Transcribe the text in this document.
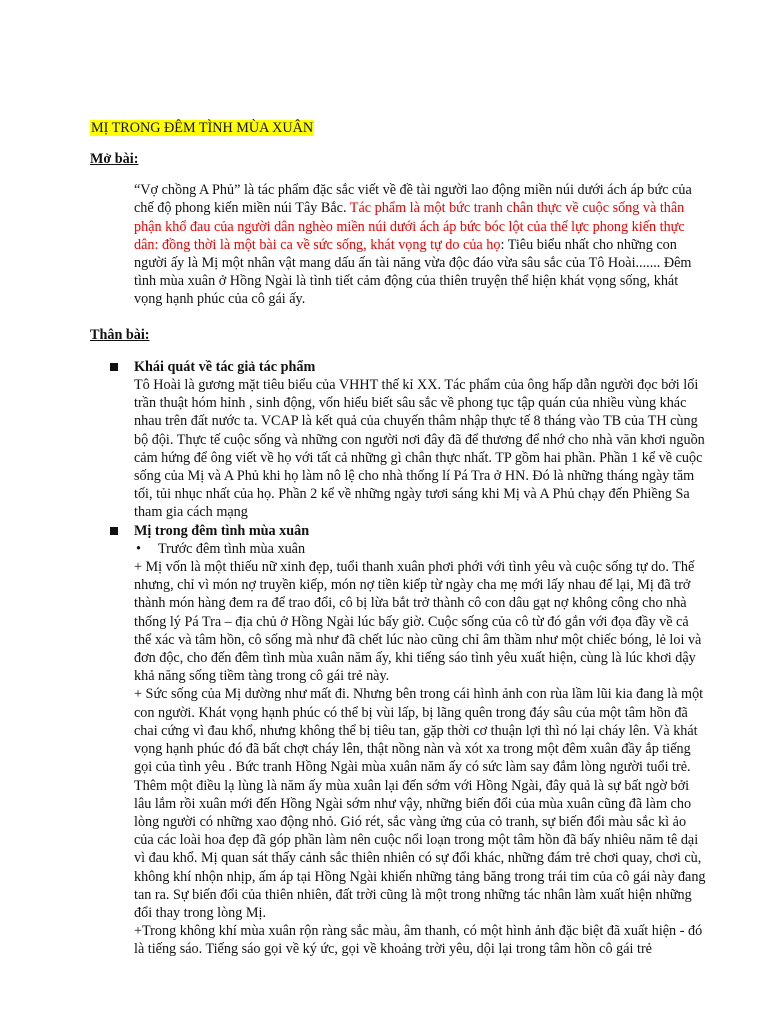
MỊ TRONG ĐÊM TÌNH MÙA XUÂN

Mở bài:

“Vợ chồng A Phủ” là tác phẩm đặc sắc viết về đề tài người lao động miền núi dưới ách áp bức của chế độ phong kiến miền núi Tây Bắc. Tác phẩm là một bức tranh chân thực về cuộc sống và thân phận khổ đau của người dân nghèo miền núi dưới ách áp bức bóc lột của thế lực phong kiến thực dân: đồng thời là một bài ca về sức sống, khát vọng tự do của họ: Tiêu biểu nhất cho những con người ấy là Mị một nhân vật mang dấu ấn tài năng vừa độc đáo vừa sâu sắc của Tô Hoài....... Đêm tình mùa xuân ở Hồng Ngài là tình tiết cảm động của thiên truyện thể hiện khát vọng sống, khát vọng hạnh phúc của cô gái ấy.

Thân bài:

Khái quát về tác giả tác phẩm
Tô Hoài là gương mặt tiêu biểu của VHHT thế kỉ XX. Tác phẩm của ông hấp dẫn người đọc bởi lối trần thuật hóm hỉnh , sinh động, vốn hiểu biết sâu sắc về phong tục tập quán của nhiều vùng khác nhau trên đất nước ta. VCAP là kết quả của chuyến thâm nhập thực tế 8 tháng vào TB của TH cùng bộ đội. Thực tế cuộc sống và những con người nơi đây đã để thương để nhớ cho nhà văn khơi nguồn cảm hứng để ông viết về họ với tất cả những gì chân thực nhất. TP gồm hai phần. Phần 1 kể về cuộc sống của Mị và A Phủ khi họ làm nô lệ cho nhà thống lí Pá Tra ở HN. Đó là những tháng ngày tăm tối, tủi nhục nhất của họ. Phần 2 kể về những ngày tươi sáng khi Mị và A Phủ chạy đến Phiềng Sa tham gia cách mạng
Mị trong đêm tình mùa xuân
• Trước đêm tình mùa xuân
+ Mị vốn là một thiếu nữ xinh đẹp, tuổi thanh xuân phơi phới với tình yêu và cuộc sống tự do. Thế nhưng, chỉ vì món nợ truyền kiếp, món nợ tiền kiếp từ ngày cha mẹ mới lấy nhau để lại, Mị đã trở thành món hàng đem ra để trao đổi, cô bị lừa bắt trở thành cô con dâu gạt nợ không công cho nhà thống lý Pá Tra – địa chủ ở Hồng Ngài lúc bấy giờ. Cuộc sống của cô từ đó gắn với đọa đầy về cả thể xác và tâm hồn, cô sống mà như đã chết lúc nào cũng chỉ âm thầm như một chiếc bóng, lẻ loi và đơn độc, cho đến đêm tình mùa xuân năm ấy, khi tiếng sáo tình yêu xuất hiện, cùng là lúc khơi dậy khả năng sống tiềm tàng trong cô gái trẻ này.
+ Sức sống của Mị dường như mất đi. Nhưng bên trong cái hình ảnh con rùa lầm lũi kia đang là một con người. Khát vọng hạnh phúc có thể bị vùi lấp, bị lãng quên trong đáy sâu của một tâm hồn đã chai cứng vì đau khổ, nhưng không thể bị tiêu tan, gặp thời cơ thuận lợi thì nó lại cháy lên. Và khát vọng hạnh phúc đó đã bất chợt cháy lên, thật nồng nàn và xót xa trong một đêm xuân đầy ắp tiếng gọi của tình yêu . Bức tranh Hồng Ngài mùa xuân năm ấy có sức làm say đắm lòng người tuổi trẻ. Thêm một điều lạ lùng là năm ấy mùa xuân lại đến sớm với Hồng Ngài, đây quả là sự bất ngờ bởi lâu lắm rồi xuân mới đến Hồng Ngài sớm như vậy, những biến đổi của mùa xuân cũng đã làm cho lòng người có những xao động nhỏ. Gió rét, sắc vàng ửng của cỏ tranh, sự biến đổi màu sắc kì ảo của các loài hoa đẹp đã góp phần làm nên cuộc nổi loạn trong một tâm hồn đã bấy nhiêu năm tê dại vì đau khổ. Mị quan sát thấy cảnh sắc thiên nhiên có sự đổi khác, những đám trẻ chơi quay, chơi cù, không khí nhộn nhịp, ấm áp tại Hồng Ngài khiến những tảng băng trong trái tim của cô gái này đang tan ra. Sự biến đổi của thiên nhiên, đất trời cũng là một trong những tác nhân làm xuất hiện những đổi thay trong lòng Mị.
+Trong không khí mùa xuân rộn ràng sắc màu, âm thanh, có một hình ảnh đặc biệt đã xuất hiện - đó là tiếng sáo. Tiếng sáo gọi về ký ức, gọi về khoảng trời yêu, dội lại trong tâm hồn cô gái trẻ
